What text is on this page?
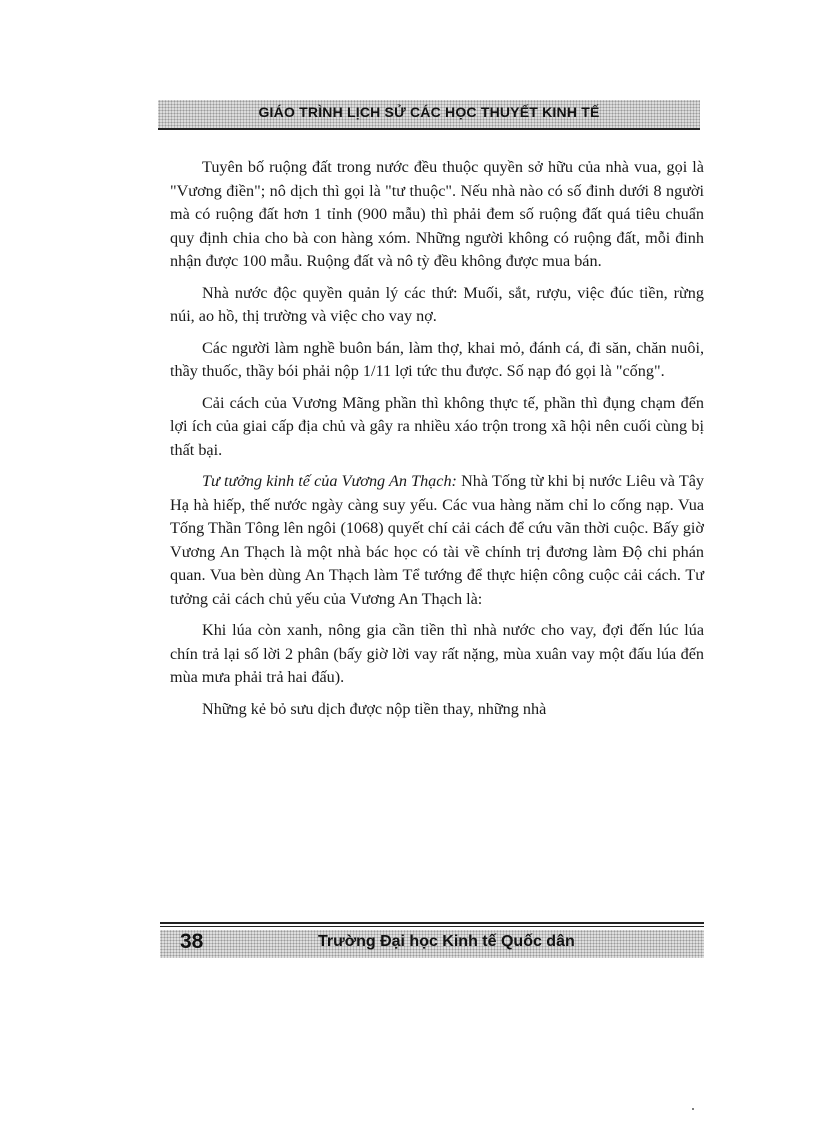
GIÁO TRÌNH LỊCH SỬ CÁC HỌC THUYẾT KINH TẾ

Tuyên bố ruộng đất trong nước đều thuộc quyền sở hữu của nhà vua, gọi là "Vương điền"; nô dịch thì gọi là "tư thuộc". Nếu nhà nào có số đinh dưới 8 người mà có ruộng đất hơn 1 tỉnh (900 mẫu) thì phải đem số ruộng đất quá tiêu chuẩn quy định chia cho bà con hàng xóm. Những người không có ruộng đất, mỗi đinh nhận được 100 mẫu. Ruộng đất và nô tỳ đều không được mua bán.

Nhà nước độc quyền quản lý các thứ: Muối, sắt, rượu, việc đúc tiền, rừng núi, ao hồ, thị trường và việc cho vay nợ.

Các người làm nghề buôn bán, làm thợ, khai mỏ, đánh cá, đi săn, chăn nuôi, thầy thuốc, thầy bói phải nộp 1/11 lợi tức thu được. Số nạp đó gọi là "cống".

Cải cách của Vương Mãng phần thì không thực tế, phần thì đụng chạm đến lợi ích của giai cấp địa chủ và gây ra nhiều xáo trộn trong xã hội nên cuối cùng bị thất bại.

Tư tưởng kinh tế của Vương An Thạch: Nhà Tống từ khi bị nước Liêu và Tây Hạ hà hiếp, thế nước ngày càng suy yếu. Các vua hàng năm chỉ lo cống nạp. Vua Tống Thần Tông lên ngôi (1068) quyết chí cải cách để cứu vãn thời cuộc. Bấy giờ Vương An Thạch là một nhà bác học có tài về chính trị đương làm Độ chi phán quan. Vua bèn dùng An Thạch làm Tể tướng để thực hiện công cuộc cải cách. Tư tưởng cải cách chủ yếu của Vương An Thạch là:

Khi lúa còn xanh, nông gia cần tiền thì nhà nước cho vay, đợi đến lúc lúa chín trả lại số lời 2 phân (bấy giờ lời vay rất nặng, mùa xuân vay một đấu lúa đến mùa mưa phải trả hai đấu).

Những kẻ bỏ sưu dịch được nộp tiền thay, những nhà

38	Trường Đại học Kinh tế Quốc dân
